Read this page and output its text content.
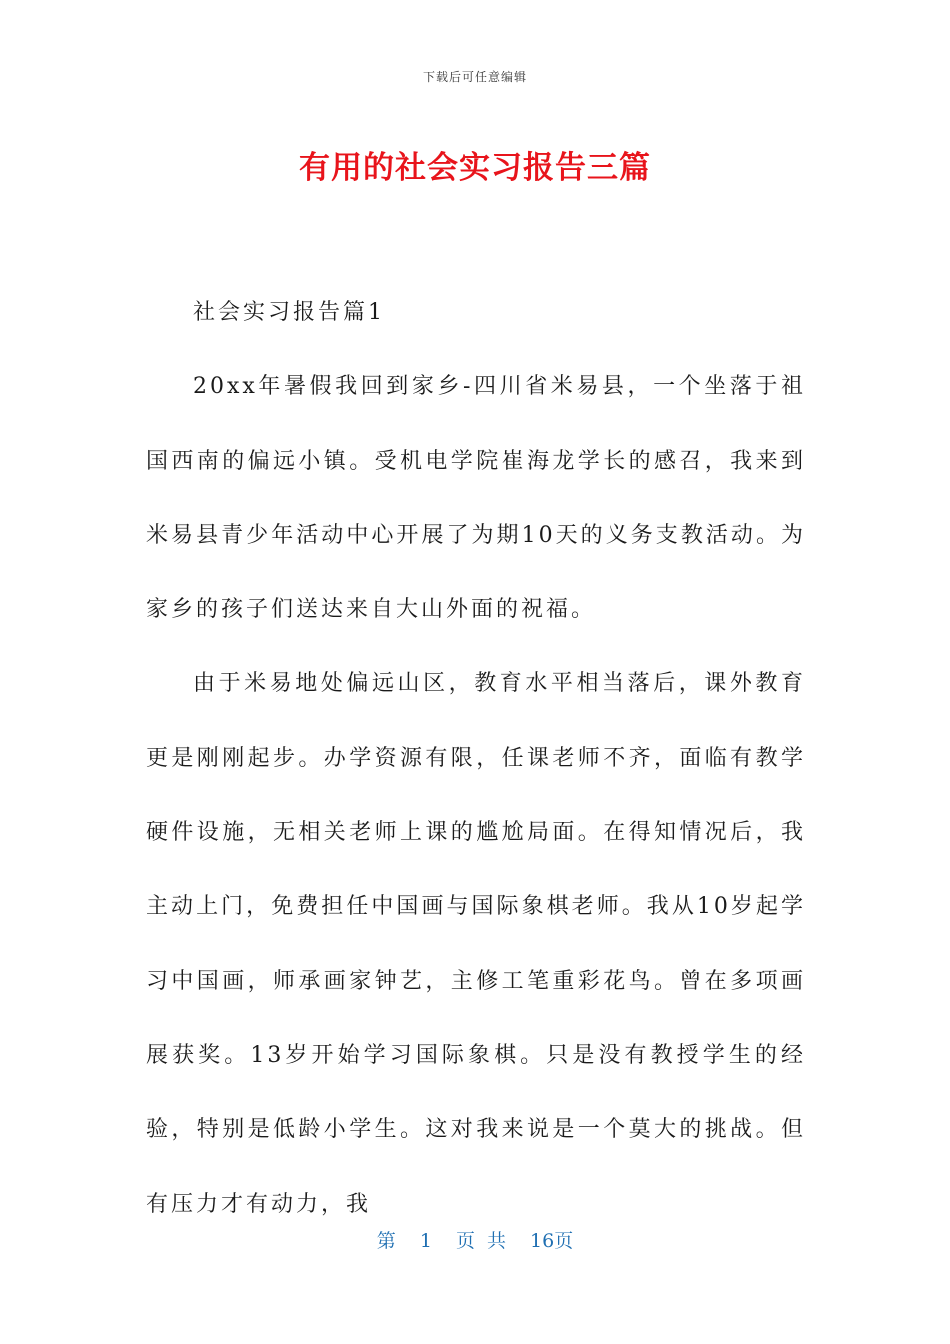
下载后可任意编辑
有用的社会实习报告三篇

社会实习报告篇1

20xx年暑假我回到家乡-四川省米易县，一个坐落于祖国西南的偏远小镇。受机电学院崔海龙学长的感召，我来到米易县青少年活动中心开展了为期10天的义务支教活动。为家乡的孩子们送达来自大山外面的祝福。

由于米易地处偏远山区，教育水平相当落后，课外教育更是刚刚起步。办学资源有限，任课老师不齐，面临有教学硬件设施，无相关老师上课的尴尬局面。在得知情况后，我主动上门，免费担任中国画与国际象棋老师。我从10岁起学习中国画，师承画家钟艺，主修工笔重彩花鸟。曾在多项画展获奖。13岁开始学习国际象棋。只是没有教授学生的经验，特别是低龄小学生。这对我来说是一个莫大的挑战。但有压力才有动力，我

第 1 页 共 16页
